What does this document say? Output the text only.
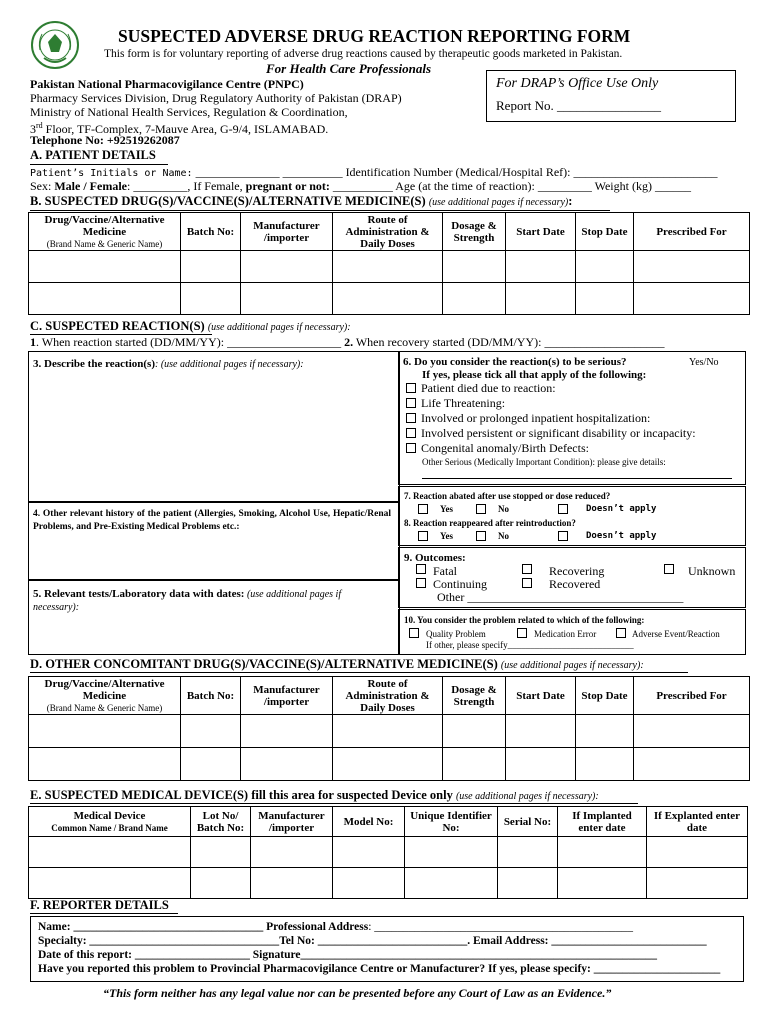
SUSPECTED ADVERSE DRUG REACTION REPORTING FORM
This form is for voluntary reporting of adverse drug reactions caused by therapeutic goods marketed in Pakistan.
For Health Care Professionals
Pakistan National Pharmacovigilance Centre (PNPC)
Pharmacy Services Division, Drug Regulatory Authority of Pakistan (DRAP)
Ministry of National Health Services, Regulation & Coordination,
3rd Floor, TF-Complex, 7-Mauve Area, G-9/4, ISLAMABAD.
Telephone No: +92519262087
For DRAP’s Office Use Only
Report No. ________________
A. PATIENT DETAILS
Patient’s Initials or Name: ______________ __________ Identification Number (Medical/Hospital Ref): ________________________
Sex: Male / Female: _________, If Female, pregnant or not: __________ Age (at the time of reaction): _________ Weight (kg) ______
B. SUSPECTED DRUG(S)/VACCINE(S)/ALTERNATIVE MEDICINE(S) (use additional pages if necessary):
Drug/Vaccine/Alternative Medicine
(Brand Name & Generic Name)	Batch No:	Manufacturer /importer	Route of Administration & Daily Doses	Dosage & Strength	Start Date	Stop Date	Prescribed For

C. SUSPECTED REACTION(S) (use additional pages if necessary):
1. When reaction started (DD/MM/YY): ___________________ 2. When recovery started (DD/MM/YY): ____________________
3. Describe the reaction(s): (use additional pages if necessary):
4. Other relevant history of the patient (Allergies, Smoking, Alcohol Use, Hepatic/Renal Problems, and Pre-Existing Medical Problems etc.:
5. Relevant tests/Laboratory data with dates: (use additional pages if necessary):
6. Do you consider the reaction(s) to be serious?	Yes/No
If yes, please tick all that apply of the following:
Patient died due to reaction:
Life Threatening:
Involved or prolonged inpatient hospitalization:
Involved persistent or significant disability or incapacity:
Congenital anomaly/Birth Defects:
Other Serious (Medically Important Condition): please give details:
7. Reaction abated after use stopped or dose reduced?
Yes	No	Doesn’t apply
8. Reaction reappeared after reintroduction?
Yes	No	Doesn’t apply
9. Outcomes:
Fatal	Recovering	Unknown
Continuing	Recovered
Other ____________________________________
10. You consider the problem related to which of the following:
Quality Problem	Medication Error	Adverse Event/Reaction
If other, please specify____________________________
D. OTHER CONCOMITANT DRUG(S)/VACCINE(S)/ALTERNATIVE MEDICINE(S) (use additional pages if necessary):
Drug/Vaccine/Alternative Medicine
(Brand Name & Generic Name)	Batch No:	Manufacturer /importer	Route of Administration & Daily Doses	Dosage & Strength	Start Date	Stop Date	Prescribed For

E. SUSPECTED MEDICAL DEVICE(S) fill this area for suspected Device only (use additional pages if necessary):
Medical Device
Common Name / Brand Name	Lot No/ Batch No:	Manufacturer /importer	Model No:	Unique Identifier No:	Serial No:	If Implanted enter date	If Explanted enter date

F. REPORTER DETAILS
Name: _________________________________ Professional Address: _____________________________________________
Specialty: _________________________________Tel No: __________________________. Email Address: ___________________________
Date of this report: ____________________ Signature______________________________________________________________
Have you reported this problem to Provincial Pharmacovigilance Centre or Manufacturer? If yes, please specify: ______________________
“This form neither has any legal value nor can be presented before any Court of Law as an Evidence.”
